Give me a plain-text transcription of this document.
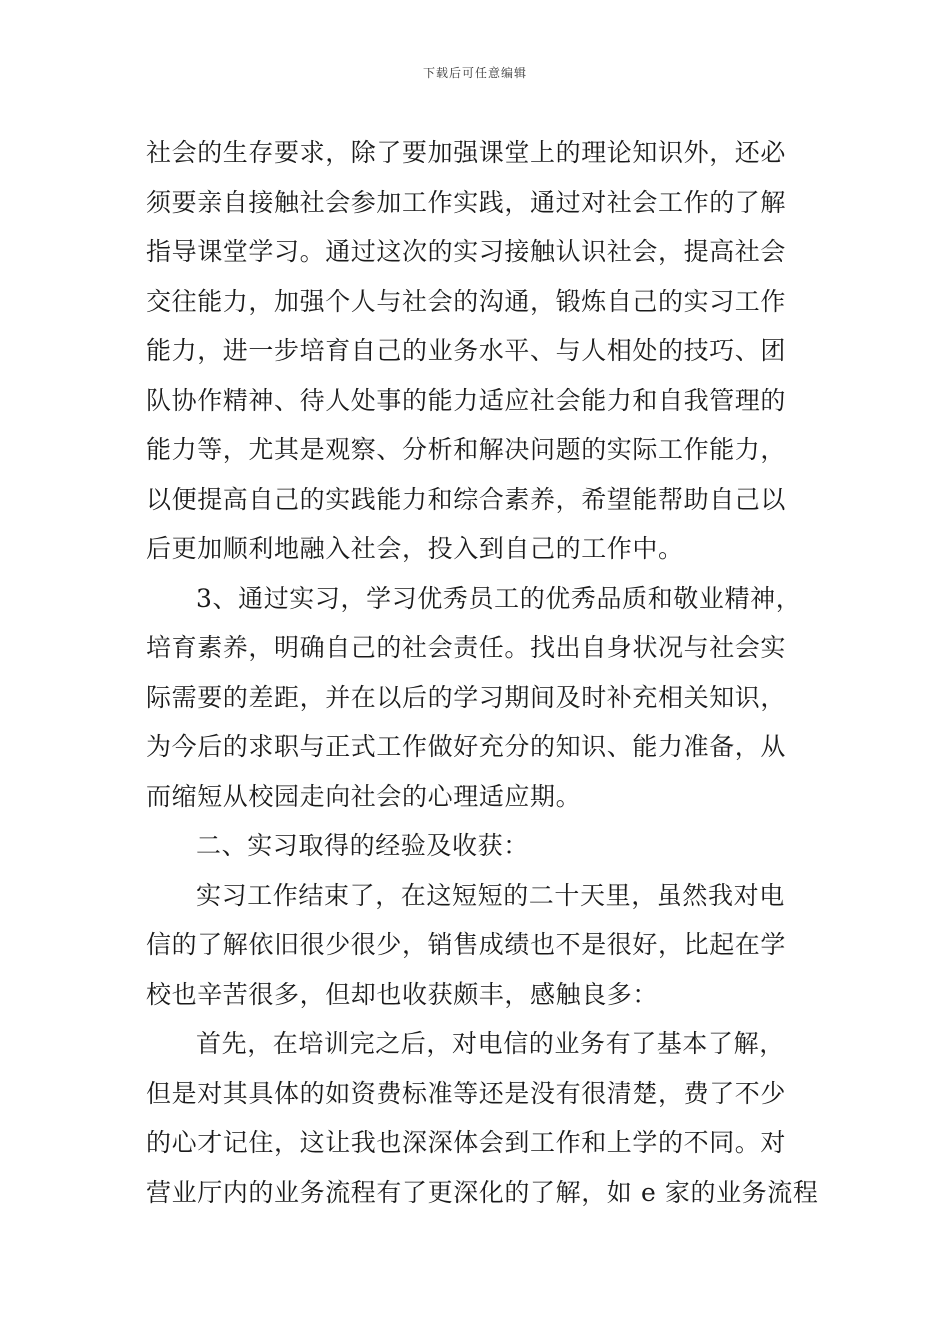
下载后可任意编辑
社会的生存要求，除了要加强课堂上的理论知识外，还必
须要亲自接触社会参加工作实践，通过对社会工作的了解
指导课堂学习。通过这次的实习接触认识社会，提高社会
交往能力，加强个人与社会的沟通，锻炼自己的实习工作
能力，进一步培育自己的业务水平、与人相处的技巧、团
队协作精神、待人处事的能力适应社会能力和自我管理的
能力等，尤其是观察、分析和解决问题的实际工作能力，
以便提高自己的实践能力和综合素养，希望能帮助自己以
后更加顺利地融入社会，投入到自己的工作中。
3、通过实习，学习优秀员工的优秀品质和敬业精神，
培育素养，明确自己的社会责任。找出自身状况与社会实
际需要的差距，并在以后的学习期间及时补充相关知识，
为今后的求职与正式工作做好充分的知识、能力准备，从
而缩短从校园走向社会的心理适应期。
二、实习取得的经验及收获：
实习工作结束了，在这短短的二十天里，虽然我对电
信的了解依旧很少很少，销售成绩也不是很好，比起在学
校也辛苦很多，但却也收获颇丰，感触良多：
首先，在培训完之后，对电信的业务有了基本了解，
但是对其具体的如资费标准等还是没有很清楚，费了不少
的心才记住，这让我也深深体会到工作和上学的不同。对
营业厅内的业务流程有了更深化的了解，如 e 家的业务流程
